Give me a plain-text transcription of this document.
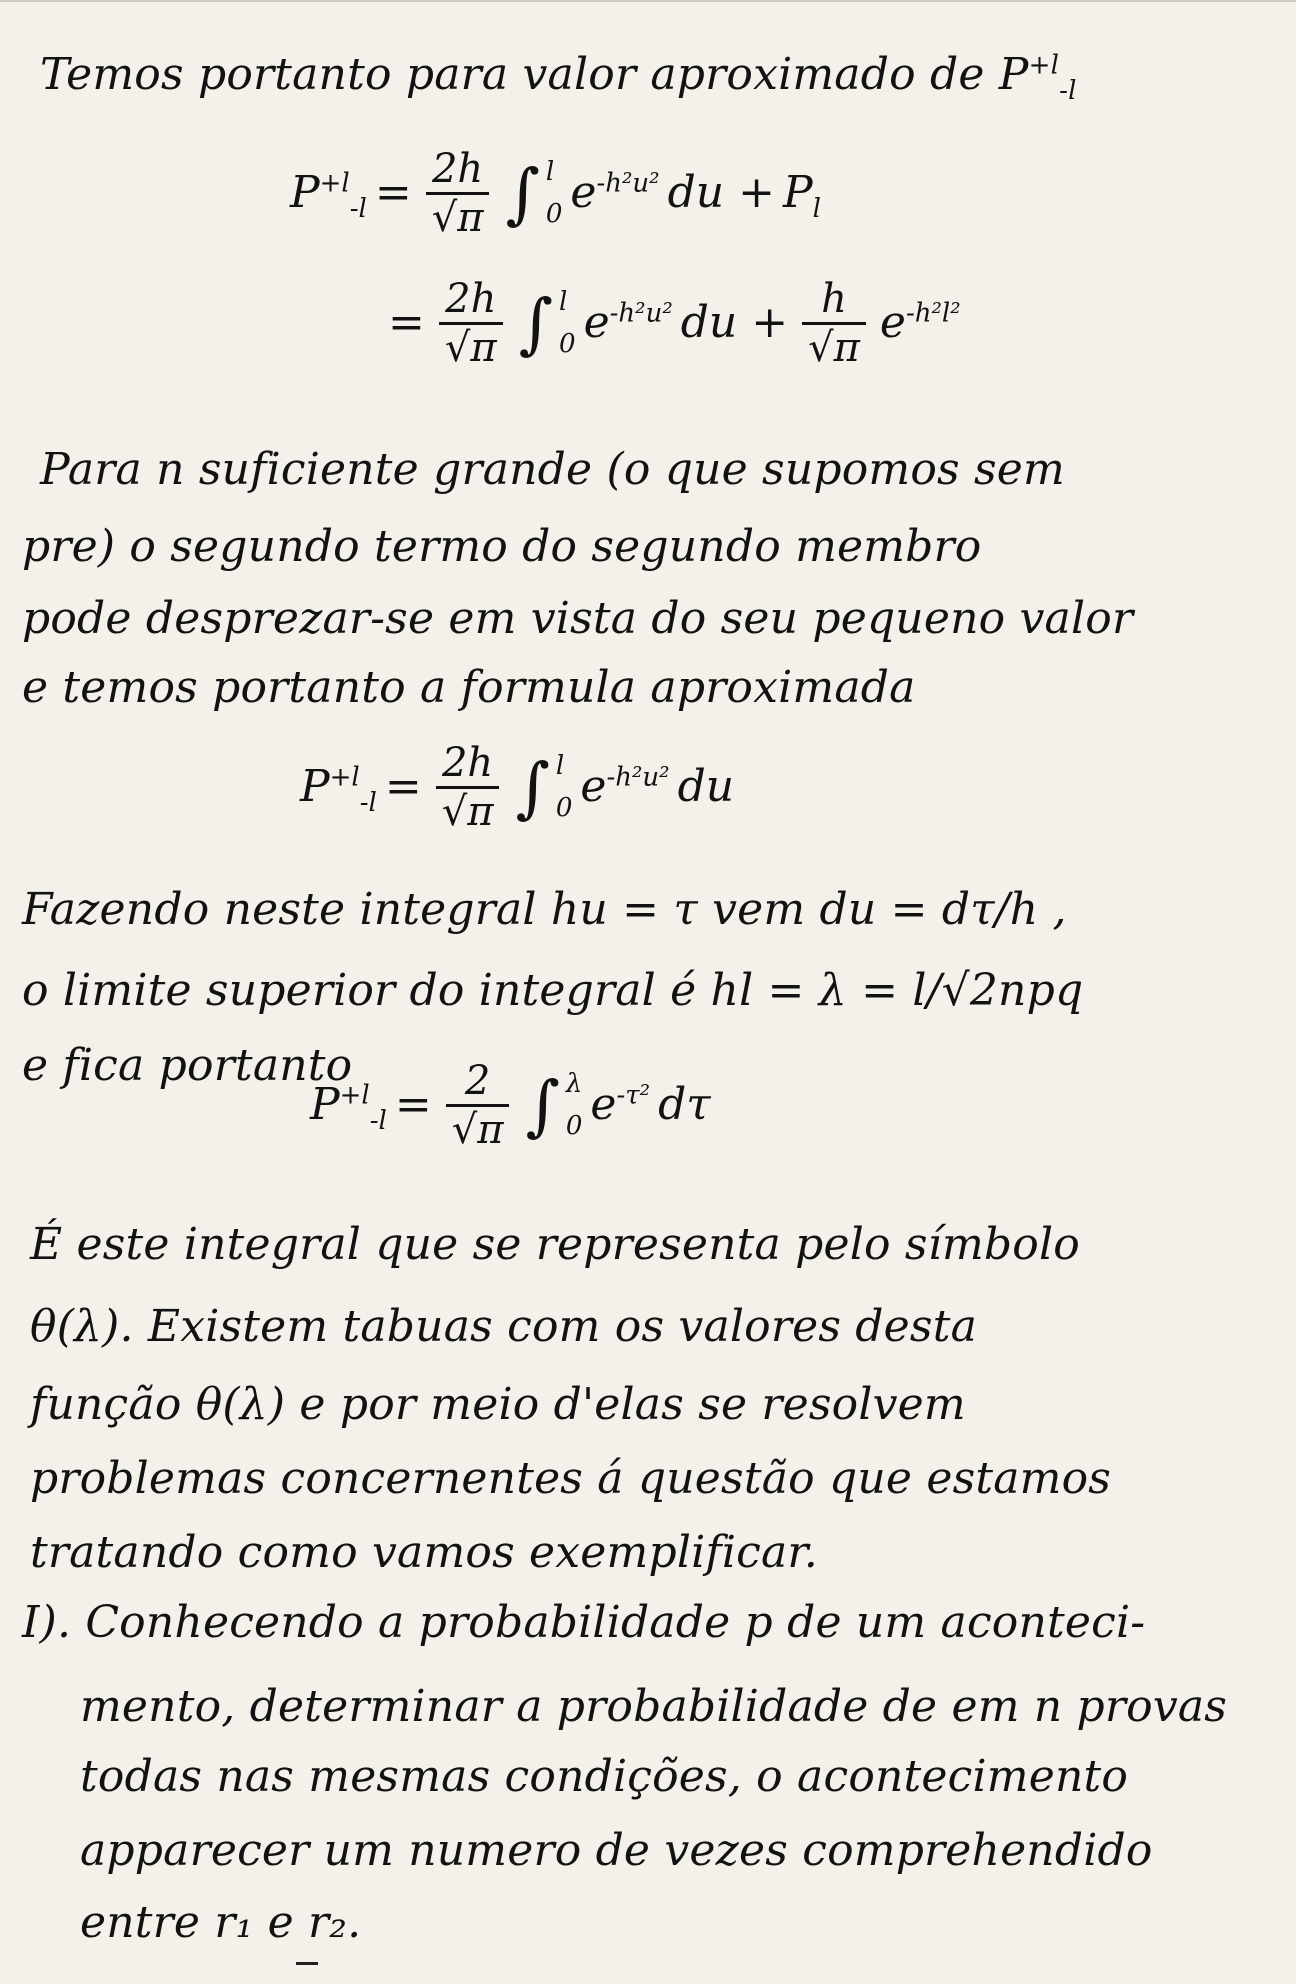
Temos portanto para valor aproximado de $P^{+l}_{-l}$
$P^{+l}_{-l} = \frac{2h}{√\pi}$ ∫ l
0 $e^{-h^2u^2}$ du + $P_l$
= $\frac{2h}{√\pi}$ ∫ l
0 $e^{-h^2u^2}$ du + $\frac{h}{√\pi} e^{-h^2l^2}$
Para n suficiente grande (o que supomos sem
pre) o segundo termo do segundo membro
pode desprezar-se em vista do seu pequeno valor
e temos portanto a formula aproximada
$P^{+l}_{-l} = \frac{2h}{√\pi}$ ∫ l
0 $e^{-h^2u^2}$ du
Fazendo neste integral hu = τ vem du = dτ/h ,
o limite superior do integral é hl = λ = l/√2npq
e fica portanto
$P^{+l}_{-l} = \frac{2}{√\pi}$ ∫ λ
0 $e^{-\tau^2}$ dτ
É este integral que se representa pelo símbolo
θ(λ). Existem tabuas com os valores desta
função θ(λ) e por meio d'elas se resolvem
problemas concernentes á questão que estamos
tratando como vamos exemplificar.
I). Conhecendo a probabilidade p de um aconteci-
mento, determinar a probabilidade de em n provas
todas nas mesmas condições, o acontecimento
apparecer um numero de vezes comprehendido
entre r₁ e r₂.
